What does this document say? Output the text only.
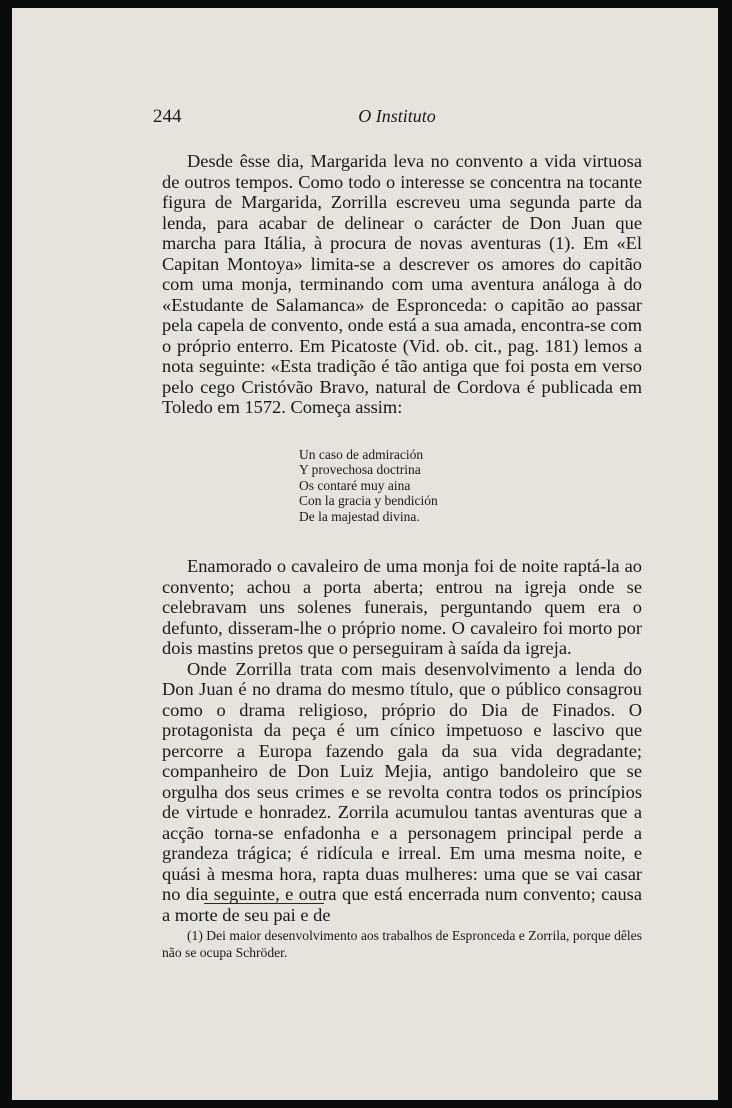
244	O Instituto

Desde êsse dia, Margarida leva no convento a vida virtuosa de outros tempos. Como todo o interesse se concentra na tocante figura de Margarida, Zorrilla escreveu uma segunda parte da lenda, para acabar de delinear o carácter de Don Juan que marcha para Itália, à procura de novas aventuras (1). Em «El Capitan Montoya» limita-se a descrever os amores do capitão com uma monja, terminando com uma aventura análoga à do «Estudante de Salamanca» de Espronceda: o capitão ao passar pela capela de convento, onde está a sua amada, encontra-se com o próprio enterro. Em Picatoste (Vid. ob. cit., pag. 181) lemos a nota seguinte: «Esta tradição é tão antiga que foi posta em verso pelo cego Cristóvão Bravo, natural de Cordova é publicada em Toledo em 1572. Começa assim:

Un caso de admiración
Y provechosa doctrina
Os contaré muy aina
Con la gracia y bendición
De la majestad divina.

Enamorado o cavaleiro de uma monja foi de noite raptá-la ao convento; achou a porta aberta; entrou na igreja onde se celebravam uns solenes funerais, perguntando quem era o defunto, disseram-lhe o próprio nome. O cavaleiro foi morto por dois mastins pretos que o perseguiram à saída da igreja.

Onde Zorrilla trata com mais desenvolvimento a lenda do Don Juan é no drama do mesmo título, que o público consagrou como o drama religioso, próprio do Dia de Finados. O protagonista da peça é um cínico impetuoso e lascivo que percorre a Europa fazendo gala da sua vida degradante; companheiro de Don Luiz Mejia, antigo bandoleiro que se orgulha dos seus crimes e se revolta contra todos os princípios de virtude e honradez. Zorrila acumulou tantas aventuras que a acção torna-se enfadonha e a personagem principal perde a grandeza trágica; é ridícula e irreal. Em uma mesma noite, e quási à mesma hora, rapta duas mulheres: uma que se vai casar no dia seguinte, e outra que está encerrada num convento; causa a morte de seu pai e de

(1) Dei maior desenvolvimento aos trabalhos de Espronceda e Zorrila, porque dêles não se ocupa Schröder.
